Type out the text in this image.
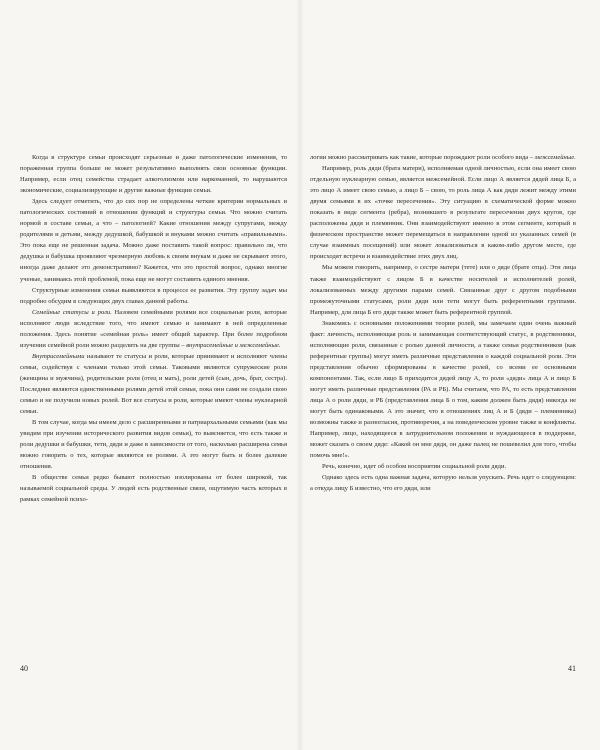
Когда в структуре семьи происходят серьезные и даже патологические изменения, то пораженная группа больше не может результативно выполнять свои основные функции. Например, если отец семейства страдает алкоголизмом или наркоманией, то нарушаются экономические, социализирующие и другие важные функции семьи.

Здесь следует отметить, что до сих пор не определены четкие критерии нормальных и патологических состояний в отношении функций и структуры семьи. Что можно считать нормой в составе семьи, а что – патологией? Какие отношения между супругами, между родителями и детьми, между дедушкой, бабушкой и внуками можно считать «правильными». Это пока еще не решенная задача. Можно даже поставить такой вопрос: правильно ли, что дедушка и бабушка проявляют чрезмерную любовь к своим внукам и даже не скрывают этого, иногда даже делают это демонстративно? Кажется, что это простой вопрос, однако многие ученые, занимаясь этой проблемой, пока еще не могут составить единого мнения.

Структурные изменения семьи выявляются в процессе ее развития. Эту группу задач мы подробно обсудим в следующих двух главах данной работы.

Семейные статусы и роли. Назовем семейными ролями все социальные роли, которые исполняют люди вследствие того, что имеют семью и занимают в ней определенные положения. Здесь понятие «семейная роль» имеет общий характер. При более подробном изучении семейной роли можно разделить на две группы – внутрисемейные и межсемейные.

Внутрисемейными называют те статусы и роли, которые принимают и исполняют члены семьи, содействуя с членами только этой семьи. Таковыми являются супружеские роли (женщина и мужчина), родительские роли (отец и мать), роли детей (сын, дочь, брат, сестра). Последние являются единственными ролями детей этой семьи, пока они сами не создали свою семью и не получили новых ролей. Вот все статусы и роли, которые имеют члены нуклеарной семьи.

В том случае, когда мы имеем дело с расширенными и патриархальными семьями (как мы увидим при изучении исторического развития видов семьи), то выясняется, что есть также и роли дедушки и бабушки, тети, дяди и даже в зависимости от того, насколько расширена семья можно говорить о тех, которые являются ее ролями. А это могут быть и более далекие отношения.

В обществе семьи редко бывают полностью изолированы от более широкой, так называемой социальной среды. У людей есть родственные связи, ощутимую часть которых в рамках семейной психо-

логии можно рассматривать как такие, которые порождают роли особого вида – межсемейные.

Например, роль дяди (брата матери), исполняемая одной личностью, если она имеет свою отдельную нуклеарную семью, является межсемейной. Если лицо А является дядей лица Б, а это лицо А имеет свою семью, а лицо Б – свою, то роль лица А как дяди лежит между этими двумя семьями в их «точке пересечения». Эту ситуацию в схематической форме можно показать в виде сегмента (ребра), возникшего в результате пересечения двух кругов, где расположены дядя и племянник. Они взаимодействуют именно в этом сегменте, который в физическом пространстве может перемещаться в направлении одной из указанных семей (в случае взаимных посещений) или может локализоваться в каком-либо другом месте, где происходят встречи и взаимодействие этих двух лиц.

Мы можем говорить, например, о сестре матери (тете) или о дяде (брате отца). Эти лица также взаимодействуют с лицом Б в качестве носителей и исполнителей ролей, локализованных между другими парами семей. Связанные друг с другом подобными промежуточными статусами, роли дяди или тети могут быть референтными группами. Например, для лица Б его дядя также может быть референтной группой.

Знакомясь с основными положениями теории ролей, мы замечаем один очень важный факт: личность, исполняющая роль и занимающая соответствующий статус, в родственники, исполняющие роли, связанные с ролью данной личности, а также семьи родственников (как референтные группы) могут иметь различные представления о каждой социальной роли. Эти представления обычно сформированы в качестве ролей, со всеми ее основными компонентами. Так, если лицо Б приходится дядей лицу А, то роли «дяди» лица А и лицо Б могут иметь различные представления (РА и РБ). Мы считаем, что РА, то есть представления лица А о роли дяди, и РБ (представления лица Б о том, каким должен быть дядя) никогда не могут быть одинаковыми. А это значит, что в отношениях лиц А и Б (дяди – племянника) возможны также и разногласия, противоречия, а на поведенческом уровне также и конфликты. Например, лицо, находящееся в затруднительном положении и нуждающееся в поддержке, может сказать о своем дяде: «Какой он мне дядя, он даже палец не пошевелил для того, чтобы помочь мне!».

Речь, конечно, идет об особом восприятии социальной роли дяди.

Однако здесь есть одна важная задача, которую нельзя упускать. Речь идет о следующем: а откуда лицу Б известно, что его дядя, или

40	41
